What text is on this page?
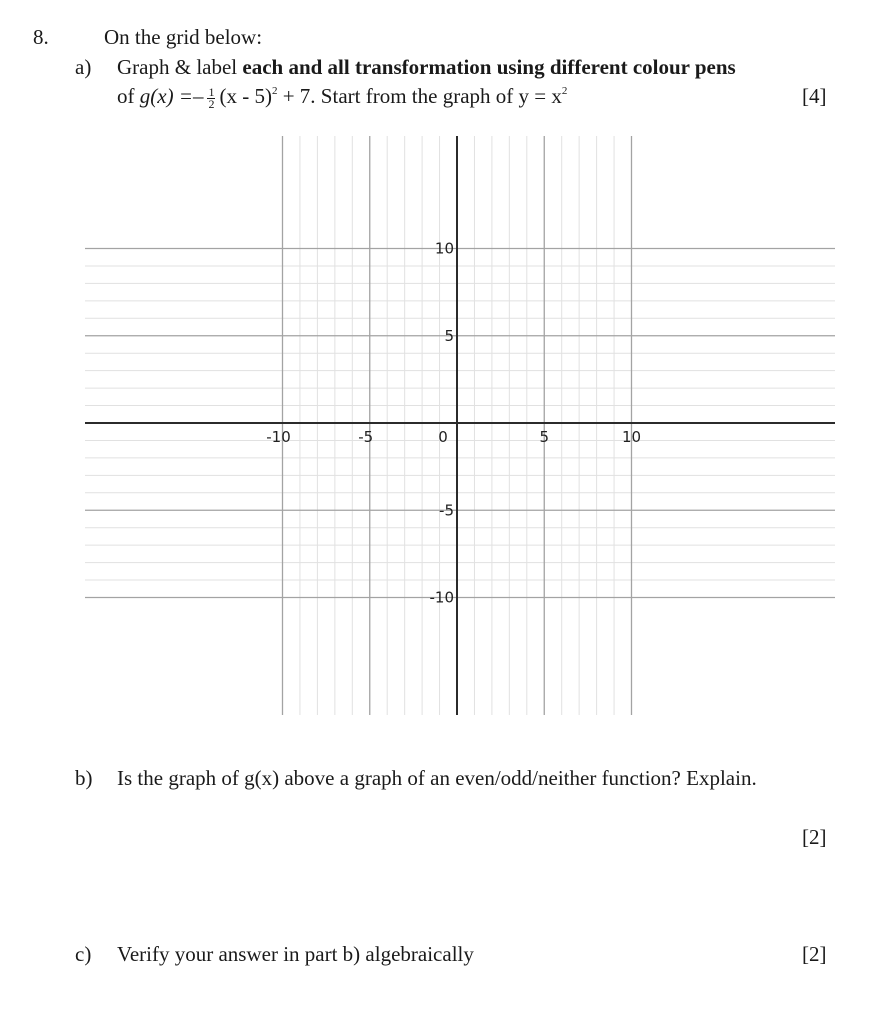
8.	On the grid below:
a) Graph & label each and all transformation using different colour pens
of $g(x) =- \frac{1}{2} (x - 5)^2 + 7$. Start from the graph of $y = x^2$	[4]
-10	-5	0	5	10
10
5
-5
-10
b) Is the graph of g(x) above a graph of an even/odd/neither function? Explain.
[2]
c) Verify your answer in part b) algebraically	[2]
